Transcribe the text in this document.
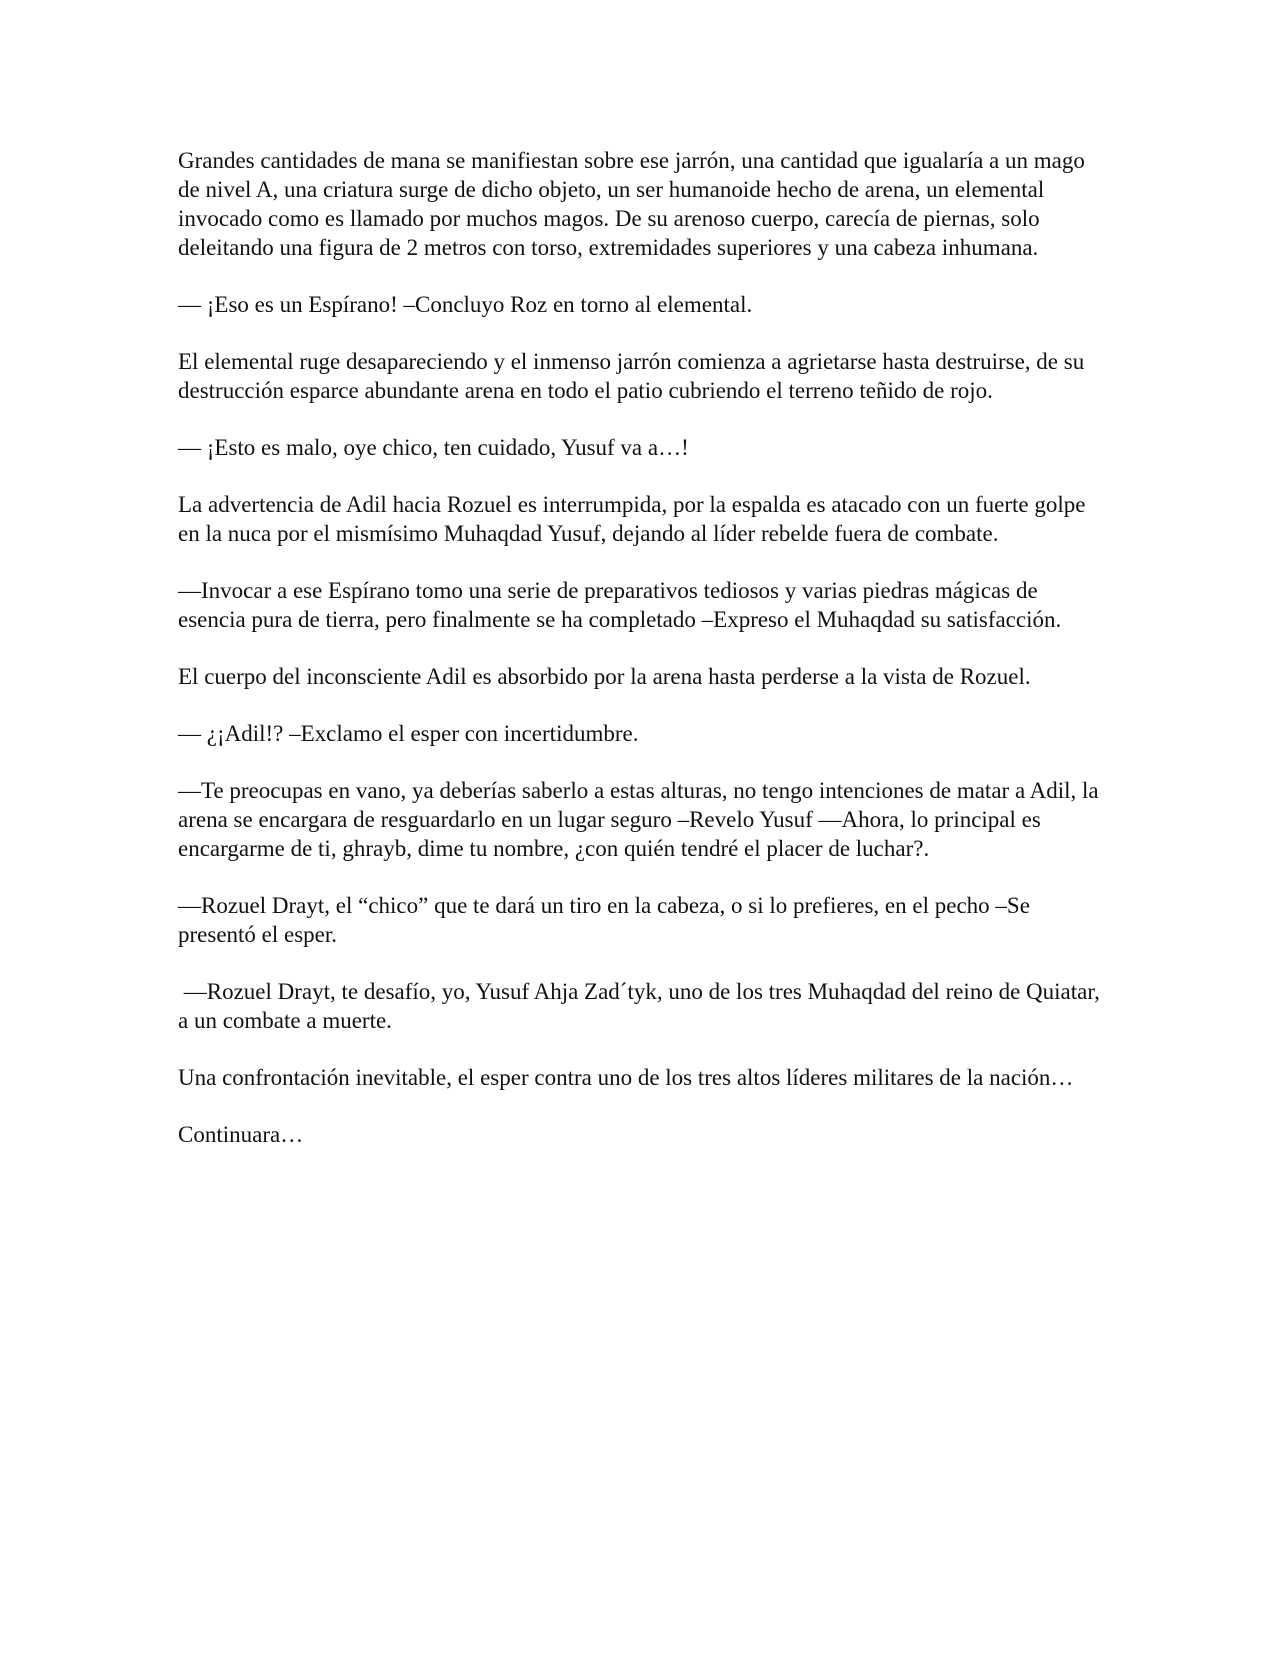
Grandes cantidades de mana se manifiestan sobre ese jarrón, una cantidad que igualaría a un mago de nivel A, una criatura surge de dicho objeto, un ser humanoide hecho de arena, un elemental invocado como es llamado por muchos magos. De su arenoso cuerpo, carecía de piernas, solo deleitando una figura de 2 metros con torso, extremidades superiores y una cabeza inhumana.

— ¡Eso es un Espírano! –Concluyo Roz en torno al elemental.

El elemental ruge desapareciendo y el inmenso jarrón comienza a agrietarse hasta destruirse, de su destrucción esparce abundante arena en todo el patio cubriendo el terreno teñido de rojo.

— ¡Esto es malo, oye chico, ten cuidado, Yusuf va a…!

La advertencia de Adil hacia Rozuel es interrumpida, por la espalda es atacado con un fuerte golpe en la nuca por el mismísimo Muhaqdad Yusuf, dejando al líder rebelde fuera de combate.

—Invocar a ese Espírano tomo una serie de preparativos tediosos y varias piedras mágicas de esencia pura de tierra, pero finalmente se ha completado –Expreso el Muhaqdad su satisfacción.

El cuerpo del inconsciente Adil es absorbido por la arena hasta perderse a la vista de Rozuel.

— ¿¡Adil!? –Exclamo el esper con incertidumbre.

—Te preocupas en vano, ya deberías saberlo a estas alturas, no tengo intenciones de matar a Adil, la arena se encargara de resguardarlo en un lugar seguro –Revelo Yusuf —Ahora, lo principal es encargarme de ti, ghrayb, dime tu nombre, ¿con quién tendré el placer de luchar?.

—Rozuel Drayt, el “chico” que te dará un tiro en la cabeza, o si lo prefieres, en el pecho –Se presentó el esper.

—Rozuel Drayt, te desafío, yo, Yusuf Ahja Zad´tyk, uno de los tres Muhaqdad del reino de Quiatar, a un combate a muerte.

Una confrontación inevitable, el esper contra uno de los tres altos líderes militares de la nación…

Continuara…
